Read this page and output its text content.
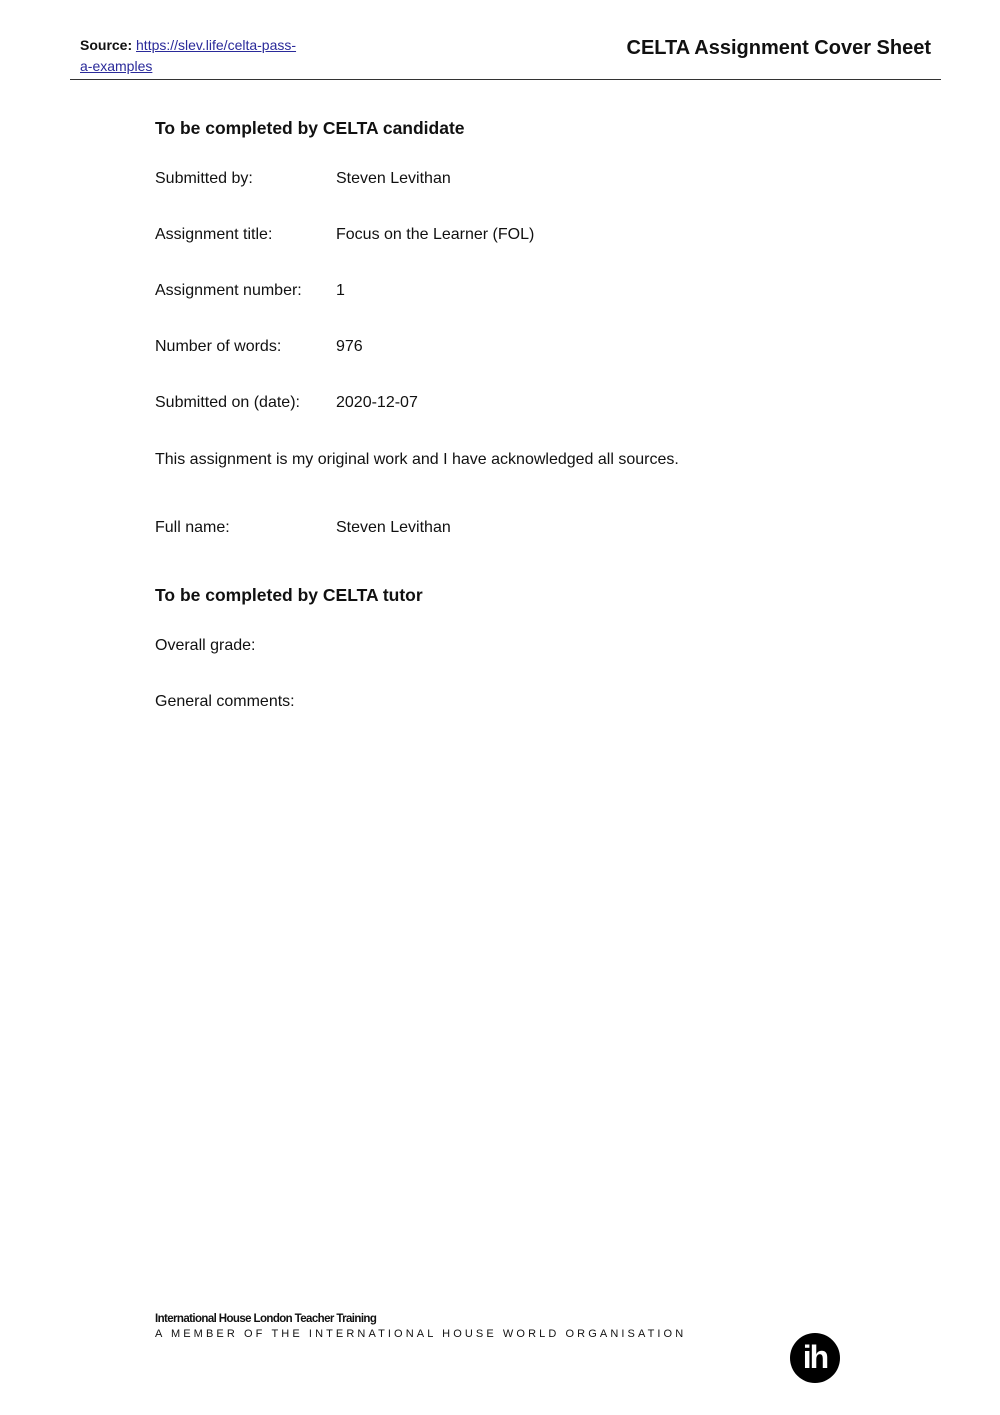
Source: https://slev.life/celta-pass-a-examples
CELTA Assignment Cover Sheet
To be completed by CELTA candidate
Submitted by:	Steven Levithan
Assignment title:	Focus on the Learner (FOL)
Assignment number: 1
Number of words:	976
Submitted on (date): 2020-12-07
This assignment is my original work and I have acknowledged all sources.
Full name:	Steven Levithan
To be completed by CELTA tutor
Overall grade:
General comments:
International House London Teacher Training
A MEMBER OF THE INTERNATIONAL HOUSE WORLD ORGANISATION
ih
